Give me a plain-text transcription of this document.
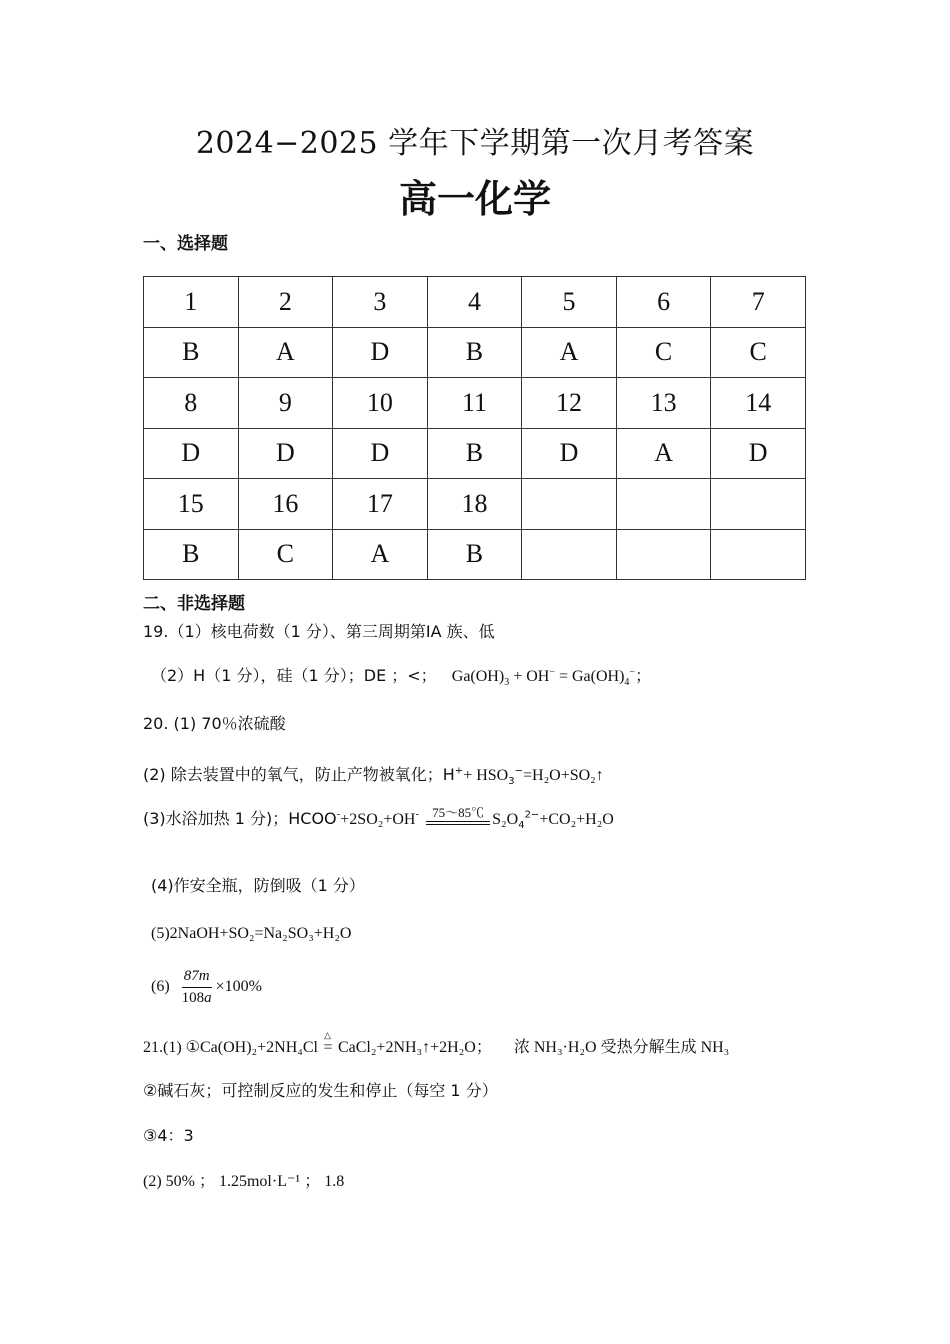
2024−2025 学年下学期第一次月考答案
高一化学
一、选择题
1	2	3	4	5	6	7
B	A	D	B	A	C	C
8	9	10	11	12	13	14
D	D	D	B	D	A	D
15	16	17	18			
B	C	A	B			
二、非选择题
19.（1）核电荷数（1 分）、第三周期第IA 族、低
（2）H（1 分），硅（1 分）；DE ；<； $Ga(OH)_3 + OH^- = Ga(OH)_4^-$；
20. (1) 70％浓硫酸
(2) 除去装置中的氧气，防止产物被氧化；$H^++ HSO_3^-=H_2O+SO_2↑$
(3)水浴加热 1 分)；HCOO-+2SO₂+OH-	75～85℃ $S_2O_4^{2-}+CO_2+H_2O$
(4)作安全瓶，防倒吸（1 分）
(5)2NaOH+SO₂=Na₂SO₃+H₂O
$(6) \frac{87m}{108a} \times 100\%$
21.(1) ①Ca(OH)₂+2NH₄Cl
△
= CaCl₂+2NH₃↑+2H₂O； 浓 NH₃·H₂O 受热分解生成 NH₃
②碱石灰；可控制反应的发生和停止（每空 1 分）
③4：3
(2) 50% ； 1.25mol·L⁻¹ ； 1.8
